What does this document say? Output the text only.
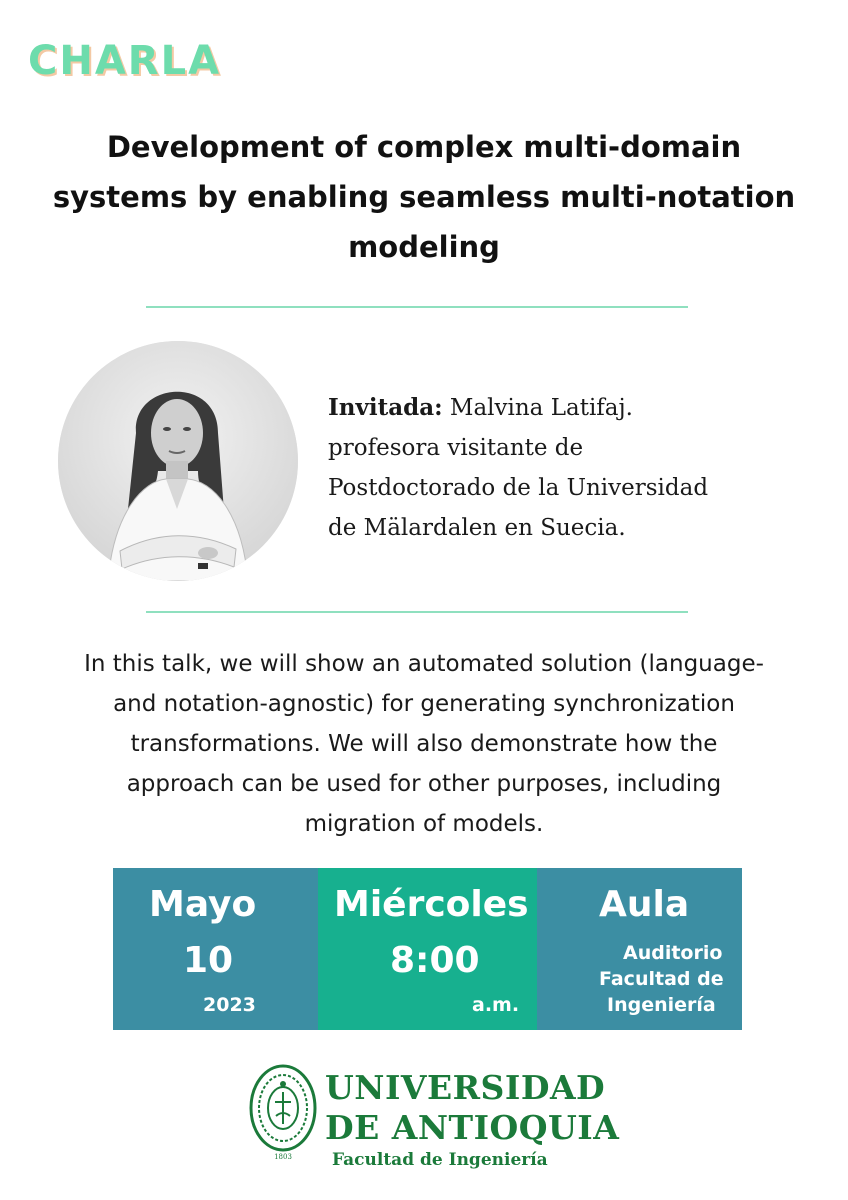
CHARLA
Development of complex multi-domain
systems by enabling seamless multi-notation
modeling
Invitada: Malvina Latifaj.
profesora visitante de
Postdoctorado de la Universidad
de Mälardalen en Suecia.
In this talk, we will show an automated solution (language-
and notation-agnostic) for generating synchronization
transformations. We will also demonstrate how the
approach can be used for other purposes, including
migration of models.
Mayo
10
2023
Miércoles
8:00
a.m.
Aula
Auditorio
Facultad de
Ingeniería
1803
UNIVERSIDAD
DE ANTIOQUIA
Facultad de Ingeniería
